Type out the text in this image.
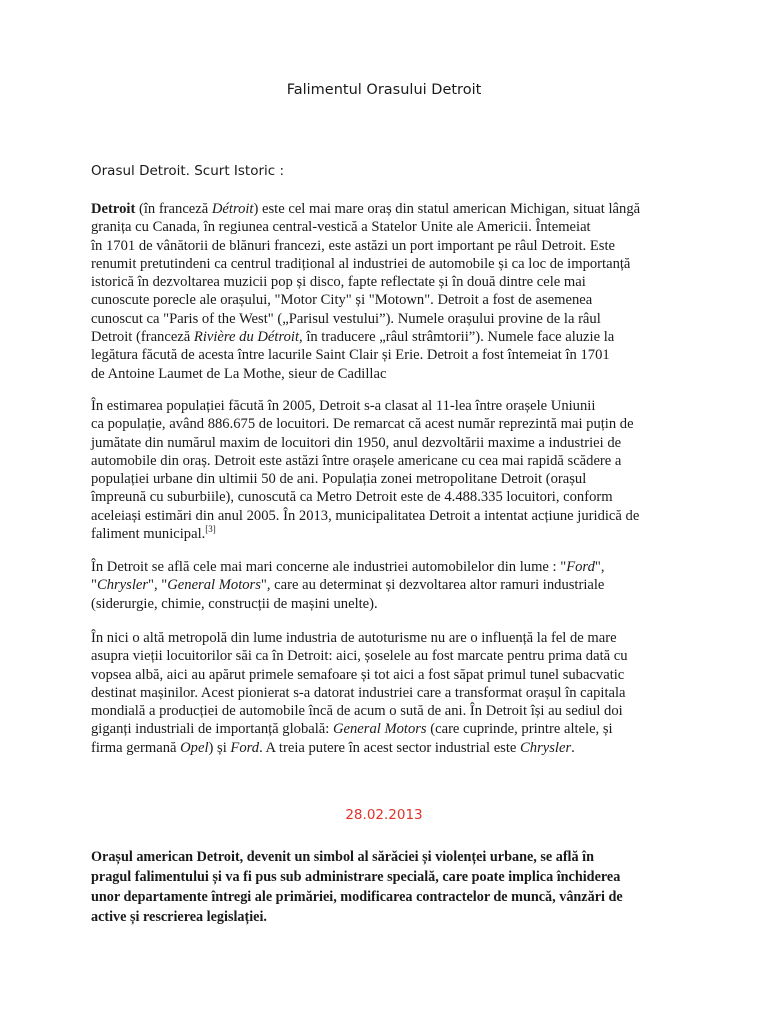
Falimentul Orasului Detroit
Orasul Detroit. Scurt Istoric :
Detroit (în franceză Détroit) este cel mai mare oraș din statul american Michigan, situat lângă
granița cu Canada, în regiunea central-vestică a Statelor Unite ale Americii. Întemeiat
în 1701 de vânătorii de blănuri francezi, este astăzi un port important pe râul Detroit. Este
renumit pretutindeni ca centrul tradițional al industriei de automobile și ca loc de importanță
istorică în dezvoltarea muzicii pop și disco, fapte reflectate și în două dintre cele mai
cunoscute porecle ale orașului, "Motor City" și "Motown". Detroit a fost de asemenea
cunoscut ca "Paris of the West" („Parisul vestului”). Numele orașului provine de la râul
Detroit (franceză Rivière du Détroit, în traducere „râul strâmtorii”). Numele face aluzie la
legătura făcută de acesta între lacurile Saint Clair și Erie. Detroit a fost întemeiat în 1701
de Antoine Laumet de La Mothe, sieur de Cadillac
În estimarea populației făcută în 2005, Detroit s-a clasat al 11-lea între orașele Uniunii
ca populație, având 886.675 de locuitori. De remarcat că acest număr reprezintă mai puțin de
jumătate din numărul maxim de locuitori din 1950, anul dezvoltării maxime a industriei de
automobile din oraș. Detroit este astăzi între orașele americane cu cea mai rapidă scădere a
populației urbane din ultimii 50 de ani. Populația zonei metropolitane Detroit (orașul
împreună cu suburbiile), cunoscută ca Metro Detroit este de 4.488.335 locuitori, conform
aceleiași estimări din anul 2005. În 2013, municipalitatea Detroit a intentat acțiune juridică de
faliment municipal.[3]
În Detroit se află cele mai mari concerne ale industriei automobilelor din lume : "Ford",
"Chrysler", "General Motors", care au determinat și dezvoltarea altor ramuri industriale
(siderurgie, chimie, construcții de mașini unelte).
În nici o altă metropolă din lume industria de autoturisme nu are o influență la fel de mare
asupra vieții locuitorilor săi ca în Detroit: aici, șoselele au fost marcate pentru prima dată cu
vopsea albă, aici au apărut primele semafoare și tot aici a fost săpat primul tunel subacvatic
destinat mașinilor. Acest pionierat s-a datorat industriei care a transformat orașul în capitala
mondială a producției de automobile încă de acum o sută de ani. În Detroit își au sediul doi
giganți industriali de importanță globală: General Motors (care cuprinde, printre altele, și
firma germană Opel) și Ford. A treia putere în acest sector industrial este Chrysler.
28.02.2013
Orașul american Detroit, devenit un simbol al sărăciei și violenței urbane, se află în
pragul falimentului și va fi pus sub administrare specială, care poate implica închiderea
unor departamente întregi ale primăriei, modificarea contractelor de muncă, vânzări de
active și rescrierea legislației.
